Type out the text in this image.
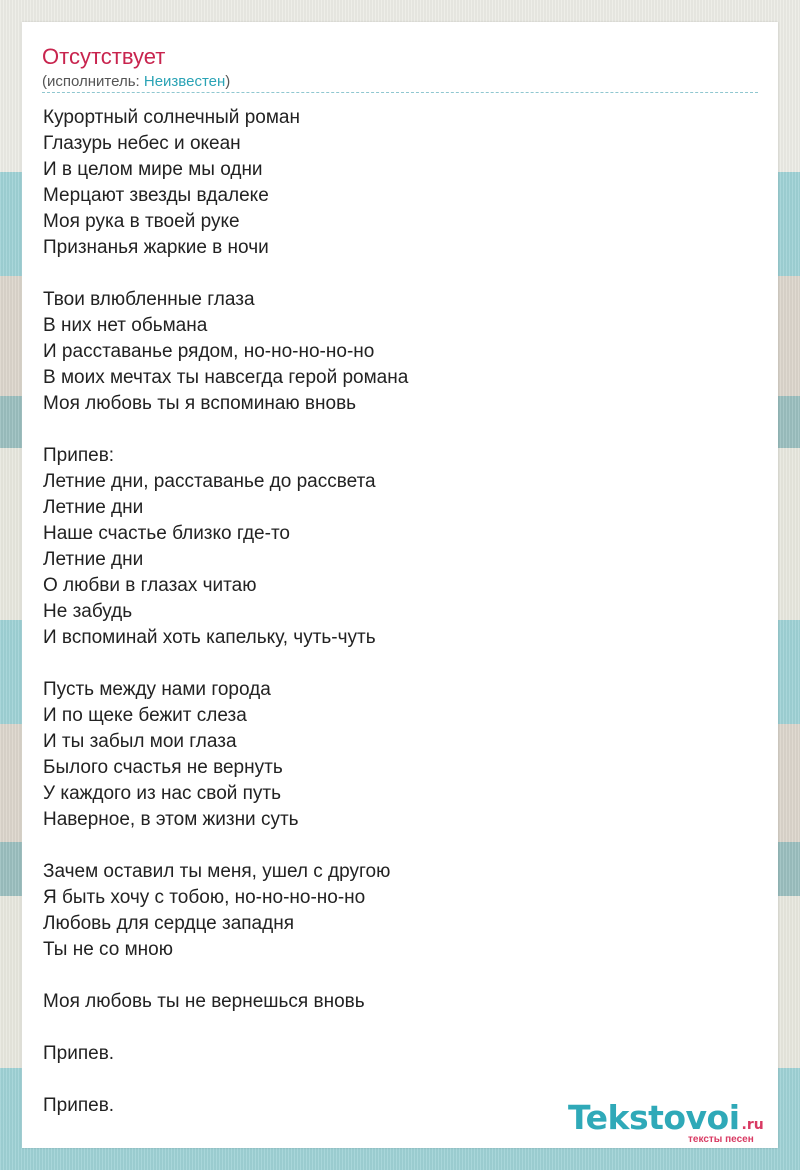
Отсутствует
(исполнитель: Неизвестен)
Курортный солнечный роман
Глазурь небес и океан
И в целом мире мы одни
Мерцают звезды вдалеке
Моя рука в твоей руке
Признанья жаркие в ночи
Твои влюбленные глаза
В них нет обьмана
И расставанье рядом, но-но-но-но-но
В моих мечтах ты навсегда герой романа
Моя любовь ты я вспоминаю вновь
Припев:
Летние дни, расставанье до рассвета
Летние дни
Наше счастье близко где-то
Летние дни
О любви в глазах читаю
Не забудь
И вспоминай хоть капельку, чуть-чуть
Пусть между нами города
И по щеке бежит слеза
И ты забыл мои глаза
Былого счастья не вернуть
У каждого из нас свой путь
Наверное, в этом жизни суть
Зачем оставил ты меня, ушел с другою
Я быть хочу с тобою, но-но-но-но-но
Любовь для сердце западня
Ты не со мною
Моя любовь ты не вернешься вновь
Припев.
Припев.	Tekstovoi .ru
тексты песен
